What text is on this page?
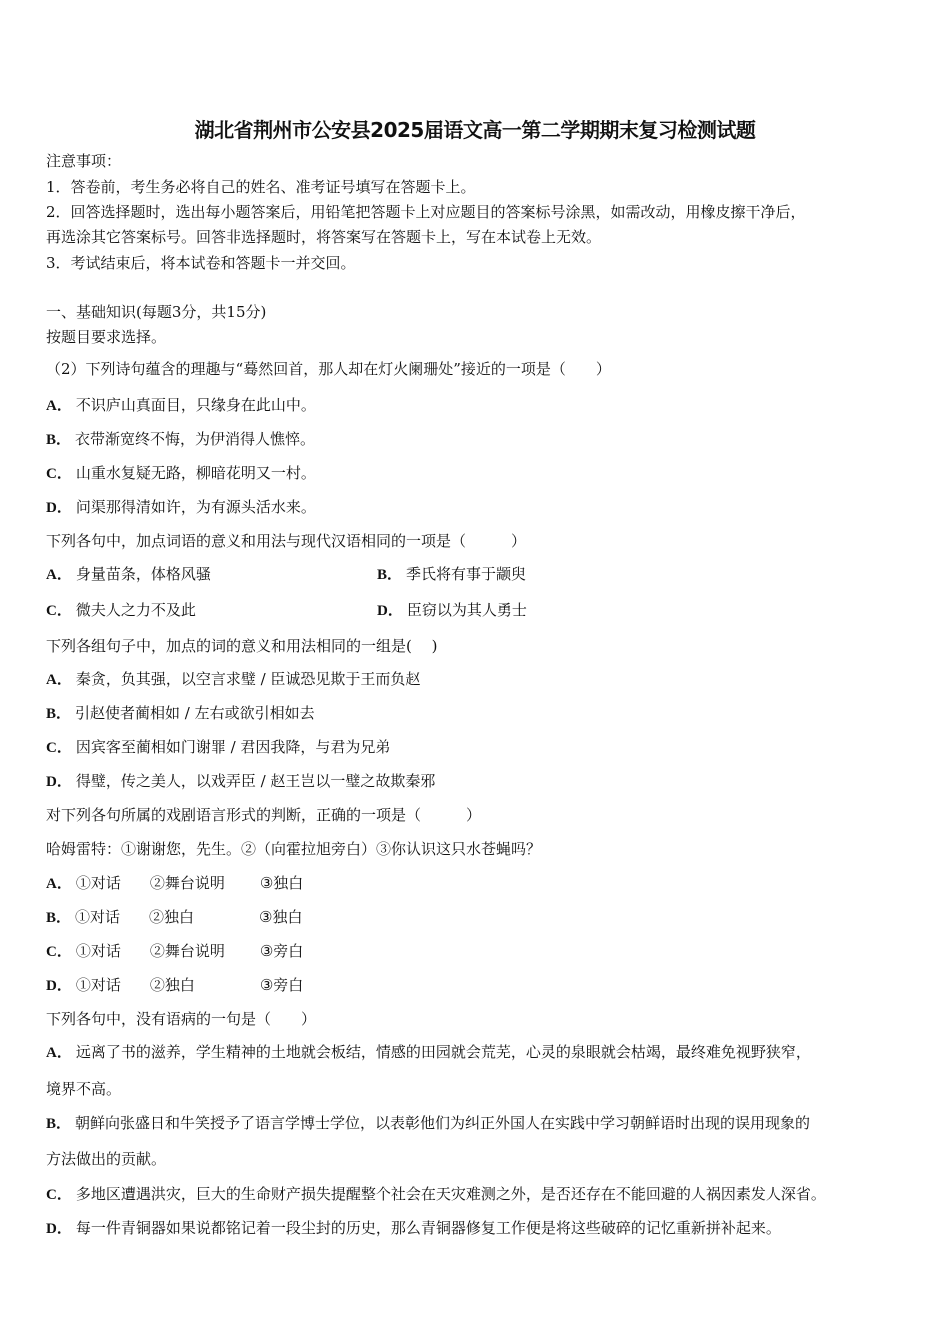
湖北省荆州市公安县2025届语文高一第二学期期末复习检测试题
注意事项：
1．答卷前，考生务必将自己的姓名、准考证号填写在答题卡上。
2．回答选择题时，选出每小题答案后，用铅笔把答题卡上对应题目的答案标号涂黑，如需改动，用橡皮擦干净后，
再选涂其它答案标号。回答非选择题时，将答案写在答题卡上，写在本试卷上无效。
3．考试结束后，将本试卷和答题卡一并交回。
一、基础知识(每题3分，共15分)
按题目要求选择。
（2）下列诗句蕴含的理趣与“蓦然回首，那人却在灯火阑珊处”接近的一项是（　　）
A． 不识庐山真面目，只缘身在此山中。
B． 衣带渐宽终不悔，为伊消得人憔悴。
C． 山重水复疑无路，柳暗花明又一村。
D． 问渠那得清如许，为有源头活水来。
下列各句中，加点词语的意义和用法与现代汉语相同的一项是（　　　）
A． 身量苗条，体格风骚	B． 季氏将有事于颛臾
C． 微夫人之力不及此	D． 臣窃以为其人勇士
下列各组句子中，加点的词的意义和用法相同的一组是(　 )
A． 秦贪，负其强，以空言求璧 / 臣诚恐见欺于王而负赵
B． 引赵使者蔺相如 / 左右或欲引相如去
C． 因宾客至蔺相如门谢罪 / 君因我降，与君为兄弟
D． 得璧，传之美人，以戏弄臣 / 赵王岂以一璧之故欺秦邪
对下列各句所属的戏剧语言形式的判断，正确的一项是（　　　）
哈姆雷特：①谢谢您，先生。②（向霍拉旭旁白）③你认识这只水苍蝇吗？
A． ①对话 ②舞台说明 ③独白
B． ①对话 ②独白	③独白
C． ①对话 ②舞台说明 ③旁白
D． ①对话 ②独白	③旁白
下列各句中，没有语病的一句是（　　）
A． 远离了书的滋养，学生精神的土地就会板结，情感的田园就会荒芜，心灵的泉眼就会枯竭，最终难免视野狭窄，
境界不高。
B． 朝鲜向张盛日和牛笑授予了语言学博士学位，以表彰他们为纠正外国人在实践中学习朝鲜语时出现的误用现象的
方法做出的贡献。
C． 多地区遭遇洪灾，巨大的生命财产损失提醒整个社会在天灾难测之外，是否还存在不能回避的人祸因素发人深省。
D． 每一件青铜器如果说都铭记着一段尘封的历史，那么青铜器修复工作便是将这些破碎的记忆重新拼补起来。
